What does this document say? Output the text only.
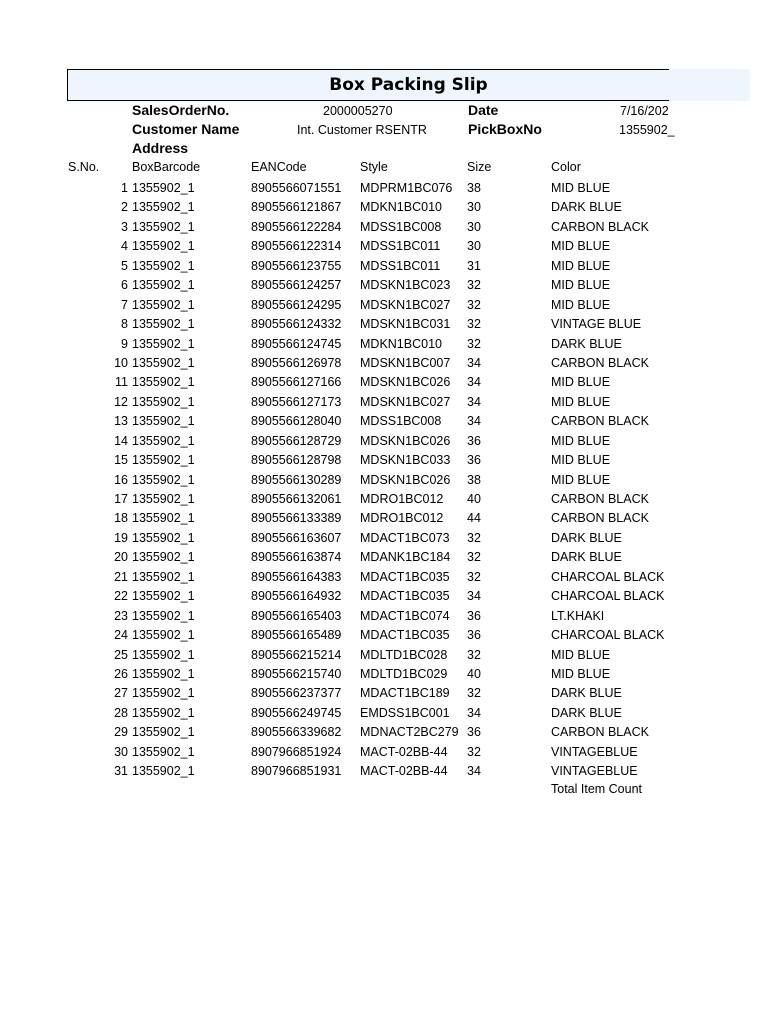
Box Packing Slip
SalesOrderNo.	2000005270	Date	7/16/202
Customer Name	Int. Customer RSENTR	PickBoxNo	1355902_
Address
S.No.	BoxBarcode	EANCode	Style	Size	Color
1 1355902_1	8905566071551 MDPRM1BC076 38	MID BLUE
2 1355902_1	8905566121867 MDKN1BC010 30	DARK BLUE
3 1355902_1	8905566122284 MDSS1BC008 30	CARBON BLACK
4 1355902_1	8905566122314 MDSS1BC011 30	MID BLUE
5 1355902_1	8905566123755 MDSS1BC011 31	MID BLUE
6 1355902_1	8905566124257 MDSKN1BC023 32	MID BLUE
7 1355902_1	8905566124295 MDSKN1BC027 32	MID BLUE
8 1355902_1	8905566124332 MDSKN1BC031 32	VINTAGE BLUE
9 1355902_1	8905566124745 MDKN1BC010 32	DARK BLUE
10 1355902_1	8905566126978 MDSKN1BC007 34	CARBON BLACK
11 1355902_1	8905566127166 MDSKN1BC026 34	MID BLUE
12 1355902_1	8905566127173 MDSKN1BC027 34	MID BLUE
13 1355902_1	8905566128040 MDSS1BC008 34	CARBON BLACK
14 1355902_1	8905566128729 MDSKN1BC026 36	MID BLUE
15 1355902_1	8905566128798 MDSKN1BC033 36	MID BLUE
16 1355902_1	8905566130289 MDSKN1BC026 38	MID BLUE
17 1355902_1	8905566132061 MDRO1BC012 40	CARBON BLACK
18 1355902_1	8905566133389 MDRO1BC012 44	CARBON BLACK
19 1355902_1	8905566163607 MDACT1BC073 32	DARK BLUE
20 1355902_1	8905566163874 MDANK1BC184 32	DARK BLUE
21 1355902_1	8905566164383 MDACT1BC035 32	CHARCOAL BLACK
22 1355902_1	8905566164932 MDACT1BC035 34	CHARCOAL BLACK
23 1355902_1	8905566165403 MDACT1BC074 36	LT.KHAKI
24 1355902_1	8905566165489 MDACT1BC035 36	CHARCOAL BLACK
25 1355902_1	8905566215214 MDLTD1BC028 32	MID BLUE
26 1355902_1	8905566215740 MDLTD1BC029 40	MID BLUE
27 1355902_1	8905566237377 MDACT1BC189 32	DARK BLUE
28 1355902_1	8905566249745 EMDSS1BC001 34	DARK BLUE
29 1355902_1	8905566339682 MDNACT2BC279 36	CARBON BLACK
30 1355902_1	8907966851924 MACT-02BB-44 32	VINTAGEBLUE
31 1355902_1	8907966851931 MACT-02BB-44 34	VINTAGEBLUE
Total Item Count
